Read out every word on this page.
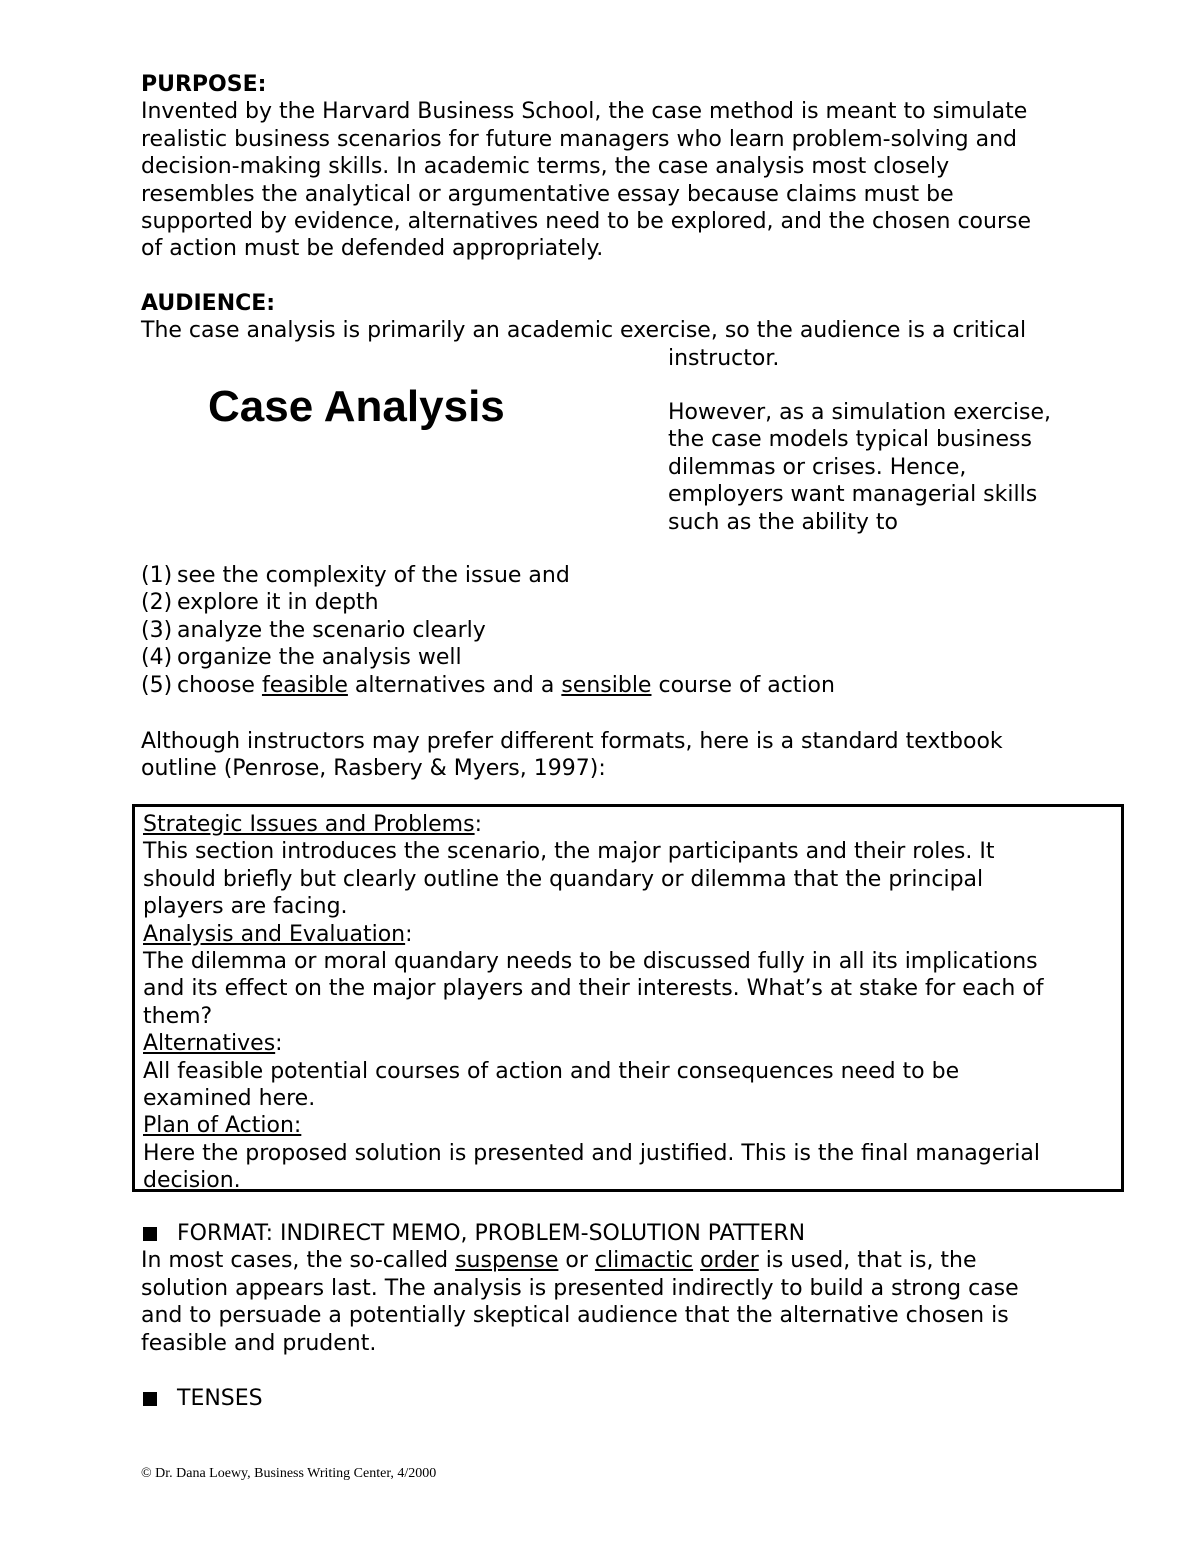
PURPOSE:

Invented by the Harvard Business School, the case method is meant to simulate

realistic business scenarios for future managers who learn problem-solving and

decision-making skills. In academic terms, the case analysis most closely

resembles the analytical or argumentative essay because claims must be

supported by evidence, alternatives need to be explored, and the chosen course

of action must be defended appropriately.

AUDIENCE:

The case analysis is primarily an academic exercise, so the audience is a critical

instructor.
Case Analysis	However, as a simulation exercise,

the case models typical business

dilemmas or crises. Hence,

employers want managerial skills

such as the ability to

(1) see the complexity of the issue and
(2) explore it in depth
(3) analyze the scenario clearly
(4) organize the analysis well
(5) choose feasible alternatives and a sensible course of action

Although instructors may prefer different formats, here is a standard textbook

outline (Penrose, Rasbery & Myers, 1997):

Strategic Issues and Problems:

This section introduces the scenario, the major participants and their roles. It

should briefly but clearly outline the quandary or dilemma that the principal

players are facing.

Analysis and Evaluation:

The dilemma or moral quandary needs to be discussed fully in all its implications

and its effect on the major players and their interests. What’s at stake for each of

them?

Alternatives:

All feasible potential courses of action and their consequences need to be

examined here.

Plan of Action:

Here the proposed solution is presented and justified. This is the final managerial

decision.

FORMAT: INDIRECT MEMO, PROBLEM-SOLUTION PATTERN

In most cases, the so-called suspense or climactic order is used, that is, the

solution appears last. The analysis is presented indirectly to build a strong case

and to persuade a potentially skeptical audience that the alternative chosen is

feasible and prudent.

TENSES

© Dr. Dana Loewy, Business Writing Center, 4/2000
